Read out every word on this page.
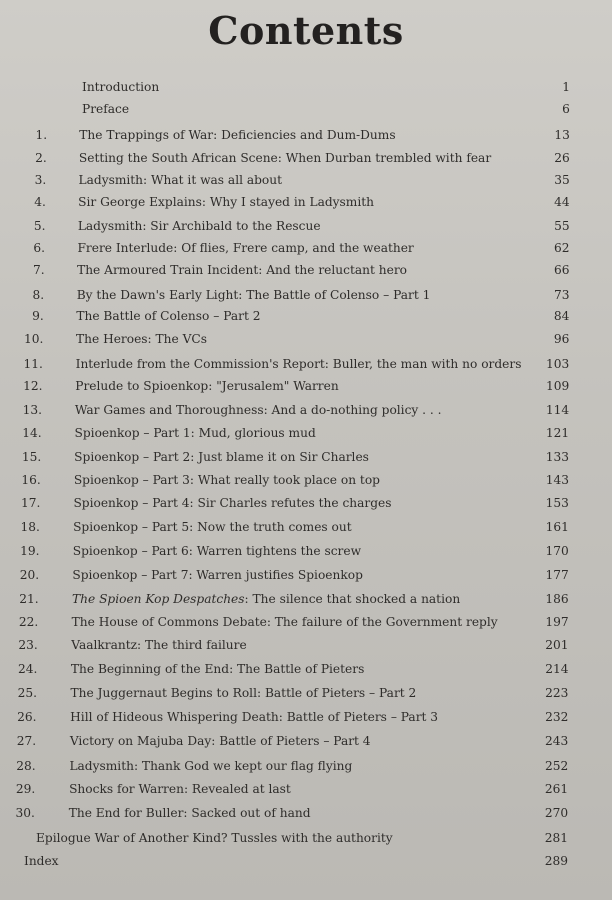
Contents
Introduction	1
Preface	6
1.	The Trappings of War: Deficiencies and Dum-Dums	13
2.	Setting the South African Scene: When Durban trembled with fear	26
3.	Ladysmith: What it was all about	35
4.	Sir George Explains: Why I stayed in Ladysmith	44
5.	Ladysmith: Sir Archibald to the Rescue	55
6.	Frere Interlude: Of flies, Frere camp, and the weather	62
7.	The Armoured Train Incident: And the reluctant hero	66
8.	By the Dawn's Early Light: The Battle of Colenso – Part 1	73
9.	The Battle of Colenso – Part 2	84
10.	The Heroes: The VCs	96
11.	Interlude from the Commission's Report: Buller, the man with no orders	103
12.	Prelude to Spioenkop: "Jerusalem" Warren	109
13.	War Games and Thoroughness: And a do-nothing policy . . .	114
14.	Spioenkop – Part 1: Mud, glorious mud	121
15.	Spioenkop – Part 2: Just blame it on Sir Charles	133
16.	Spioenkop – Part 3: What really took place on top	143
17.	Spioenkop – Part 4: Sir Charles refutes the charges	153
18.	Spioenkop – Part 5: Now the truth comes out	161
19.	Spioenkop – Part 6: Warren tightens the screw	170
20.	Spioenkop – Part 7: Warren justifies Spioenkop	177
21.	The Spioen Kop Despatches: The silence that shocked a nation	186
22.	The House of Commons Debate: The failure of the Government reply	197
23.	Vaalkrantz: The third failure	201
24.	The Beginning of the End: The Battle of Pieters	214
25.	The Juggernaut Begins to Roll: Battle of Pieters – Part 2	223
26.	Hill of Hideous Whispering Death: Battle of Pieters – Part 3	232
27.	Victory on Majuba Day: Battle of Pieters – Part 4	243
28.	Ladysmith: Thank God we kept our flag flying	252
29.	Shocks for Warren: Revealed at last	261
30.	The End for Buller: Sacked out of hand	270
Epilogue War of Another Kind? Tussles with the authority	281
Index	289
